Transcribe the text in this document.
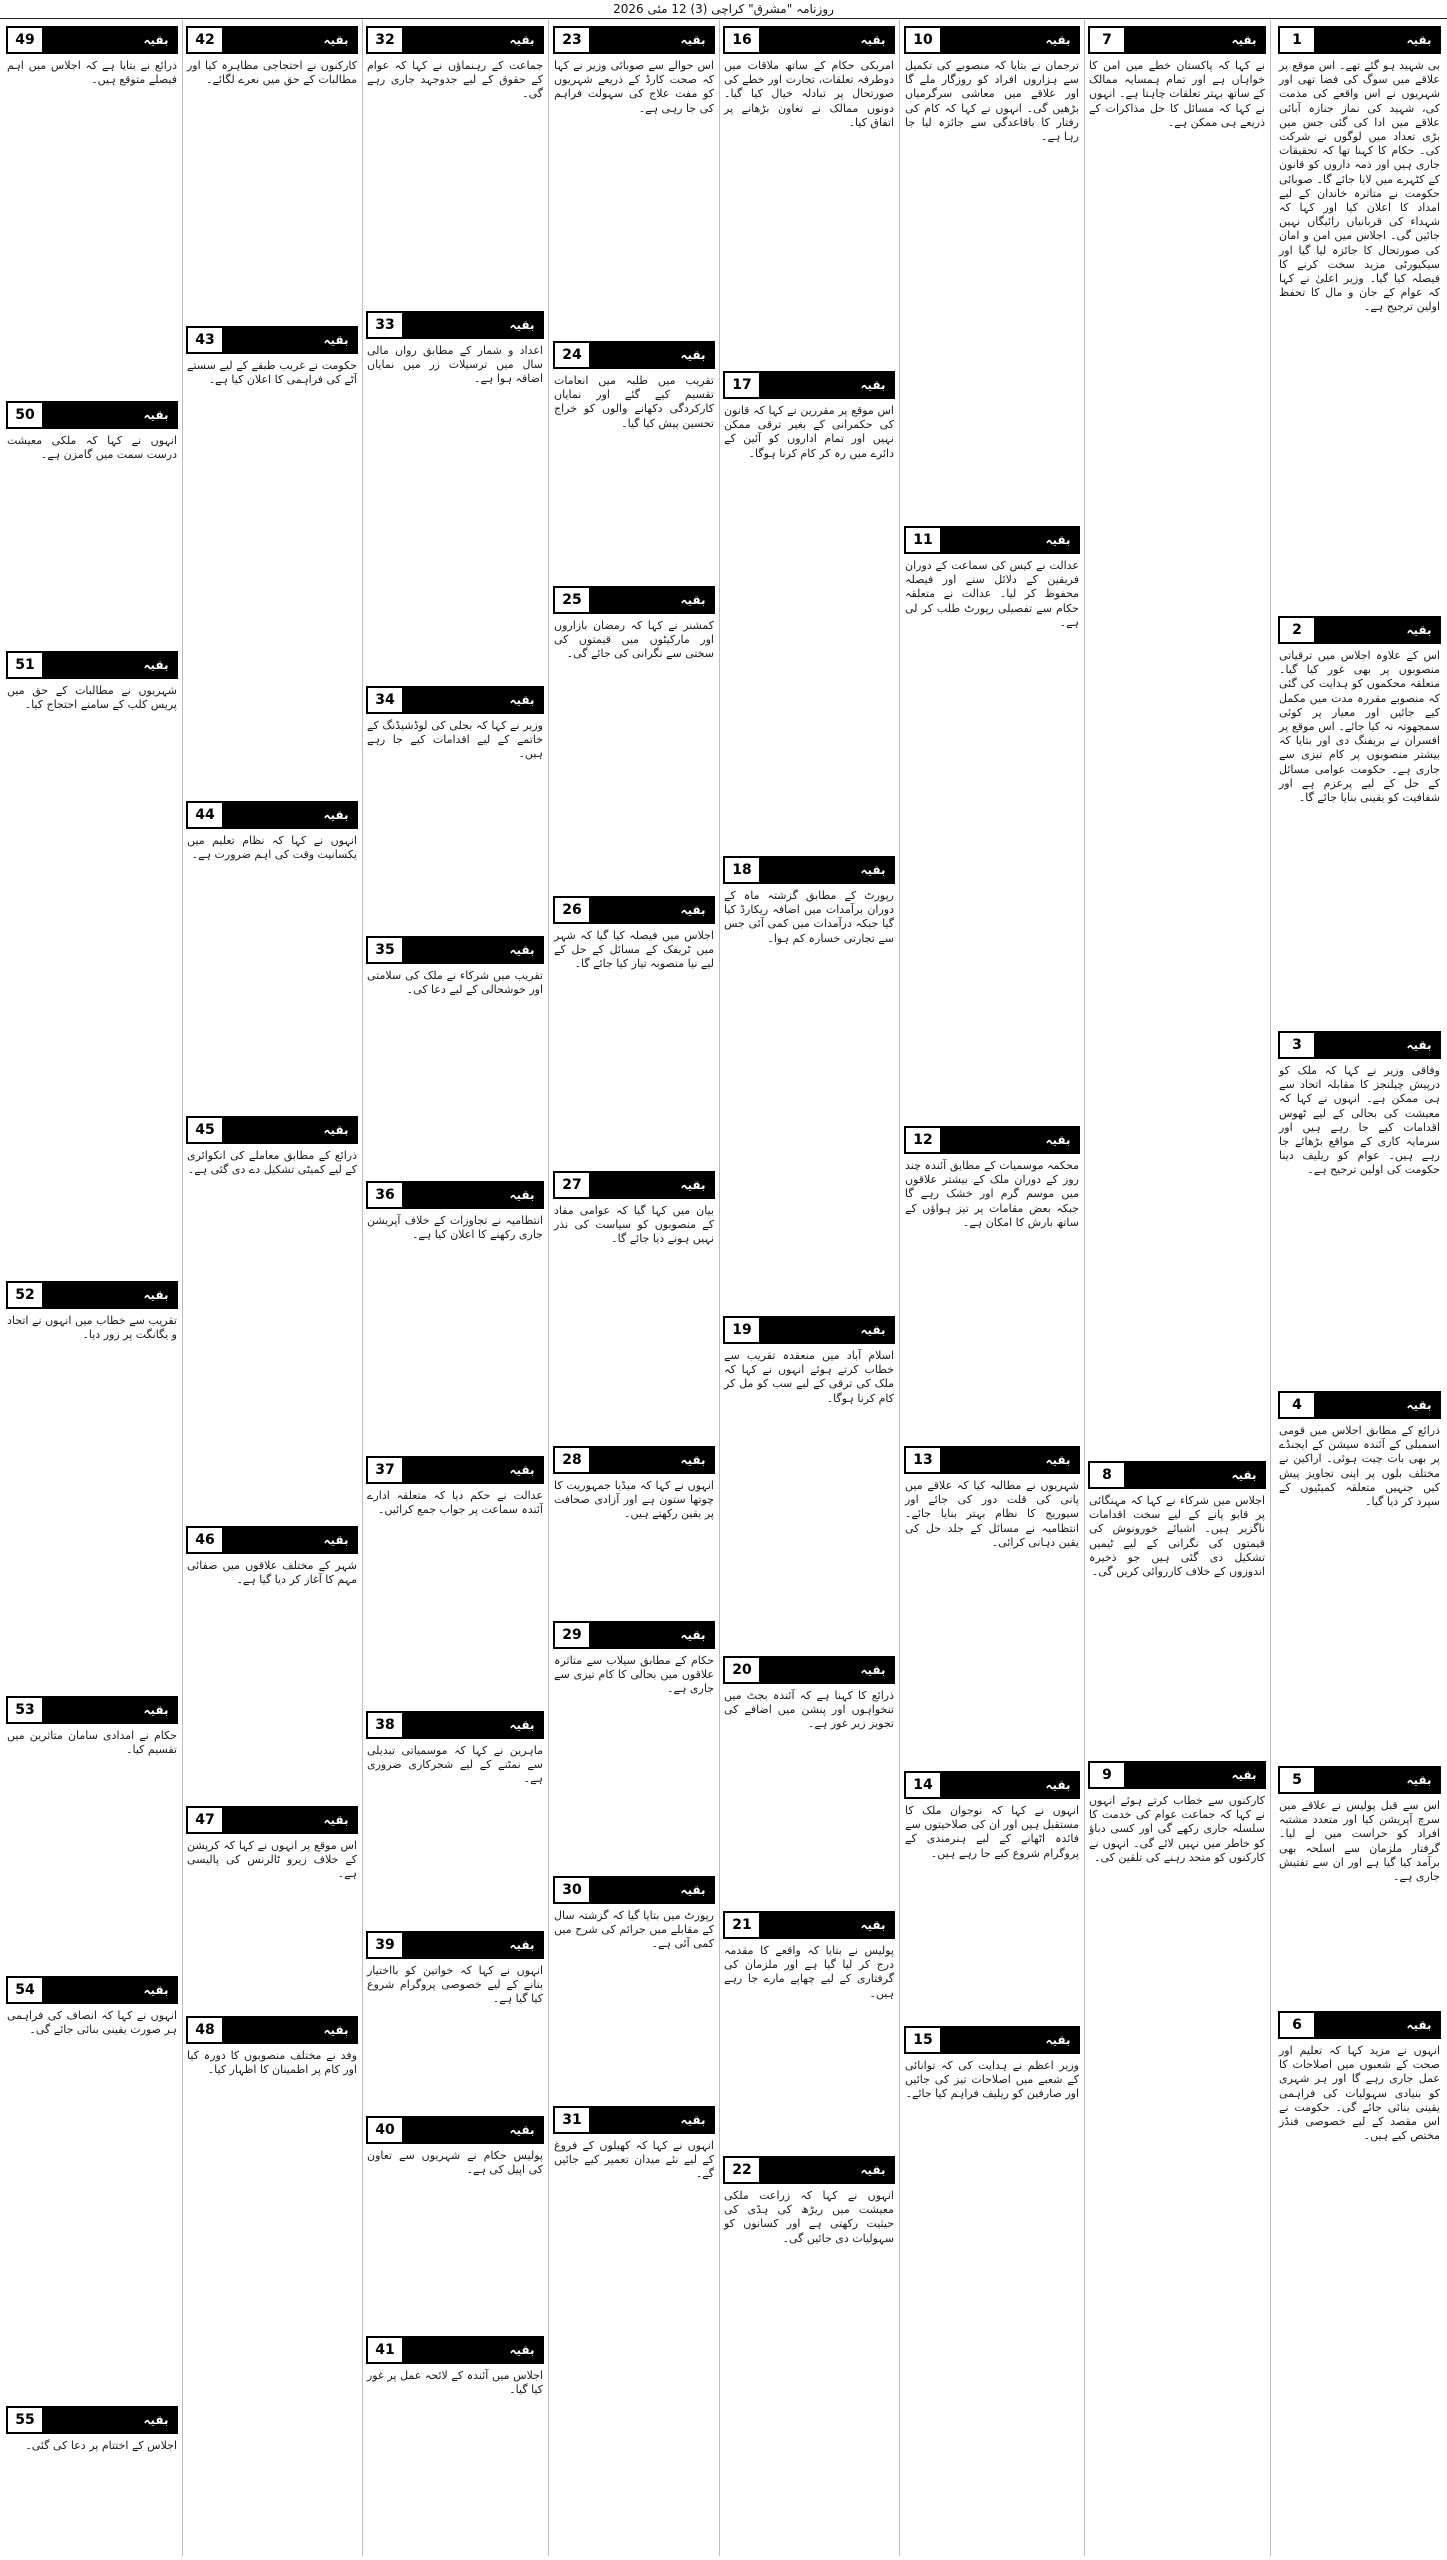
روزنامہ "مشرق" کراچی (3) 12 مئی 2026
1	بقیہ
بی شہید ہو گئے تھے۔ اس موقع پر علاقے میں سوگ کی فضا تھی اور شہریوں نے اس واقعے کی مذمت کی، شہید کی نماز جنازہ آبائی علاقے میں ادا کی گئی جس میں بڑی تعداد میں لوگوں نے شرکت کی۔ حکام کا کہنا تھا کہ تحقیقات جاری ہیں اور ذمہ داروں کو قانون کے کٹہرے میں لایا جائے گا۔ صوبائی حکومت نے متاثرہ خاندان کے لیے امداد کا اعلان کیا اور کہا کہ شہداء کی قربانیاں رائیگاں نہیں جائیں گی۔ اجلاس میں امن و امان کی صورتحال کا جائزہ لیا گیا اور سیکیورٹی مزید سخت کرنے کا فیصلہ کیا گیا۔ وزیر اعلیٰ نے کہا کہ عوام کے جان و مال کا تحفظ اولین ترجیح ہے۔
2	بقیہ
اس کے علاوہ اجلاس میں ترقیاتی منصوبوں پر بھی غور کیا گیا۔ متعلقہ محکموں کو ہدایت کی گئی کہ منصوبے مقررہ مدت میں مکمل کیے جائیں اور معیار پر کوئی سمجھوتہ نہ کیا جائے۔ اس موقع پر افسران نے بریفنگ دی اور بتایا کہ بیشتر منصوبوں پر کام تیزی سے جاری ہے۔ حکومت عوامی مسائل کے حل کے لیے پرعزم ہے اور شفافیت کو یقینی بنایا جائے گا۔
3	بقیہ
وفاقی وزیر نے کہا کہ ملک کو درپیش چیلنجز کا مقابلہ اتحاد سے ہی ممکن ہے۔ انہوں نے کہا کہ معیشت کی بحالی کے لیے ٹھوس اقدامات کیے جا رہے ہیں اور سرمایہ کاری کے مواقع بڑھائے جا رہے ہیں۔ عوام کو ریلیف دینا حکومت کی اولین ترجیح ہے۔
4	بقیہ
ذرائع کے مطابق اجلاس میں قومی اسمبلی کے آئندہ سیشن کے ایجنڈے پر بھی بات چیت ہوئی۔ اراکین نے مختلف بلوں پر اپنی تجاویز پیش کیں جنہیں متعلقہ کمیٹیوں کے سپرد کر دیا گیا۔
5	بقیہ
اس سے قبل پولیس نے علاقے میں سرچ آپریشن کیا اور متعدد مشتبہ افراد کو حراست میں لے لیا۔ گرفتار ملزمان سے اسلحہ بھی برآمد کیا گیا ہے اور ان سے تفتیش جاری ہے۔
6	بقیہ
انہوں نے مزید کہا کہ تعلیم اور صحت کے شعبوں میں اصلاحات کا عمل جاری رہے گا اور ہر شہری کو بنیادی سہولیات کی فراہمی یقینی بنائی جائے گی۔ حکومت نے اس مقصد کے لیے خصوصی فنڈز مختص کیے ہیں۔
7	بقیہ
نے کہا کہ پاکستان خطے میں امن کا خواہاں ہے اور تمام ہمسایہ ممالک کے ساتھ بہتر تعلقات چاہتا ہے۔ انہوں نے کہا کہ مسائل کا حل مذاکرات کے ذریعے ہی ممکن ہے۔
8	بقیہ
اجلاس میں شرکاء نے کہا کہ مہنگائی پر قابو پانے کے لیے سخت اقدامات ناگزیر ہیں۔ اشیائے خورونوش کی قیمتوں کی نگرانی کے لیے ٹیمیں تشکیل دی گئی ہیں جو ذخیرہ اندوزوں کے خلاف کارروائی کریں گی۔
9	بقیہ
کارکنوں سے خطاب کرتے ہوئے انہوں نے کہا کہ جماعت عوام کی خدمت کا سلسلہ جاری رکھے گی اور کسی دباؤ کو خاطر میں نہیں لائے گی۔ انہوں نے کارکنوں کو متحد رہنے کی تلقین کی۔
10	بقیہ
ترجمان نے بتایا کہ منصوبے کی تکمیل سے ہزاروں افراد کو روزگار ملے گا اور علاقے میں معاشی سرگرمیاں بڑھیں گی۔ انہوں نے کہا کہ کام کی رفتار کا باقاعدگی سے جائزہ لیا جا رہا ہے۔
11	بقیہ
عدالت نے کیس کی سماعت کے دوران فریقین کے دلائل سنے اور فیصلہ محفوظ کر لیا۔ عدالت نے متعلقہ حکام سے تفصیلی رپورٹ طلب کر لی ہے۔
12	بقیہ
محکمہ موسمیات کے مطابق آئندہ چند روز کے دوران ملک کے بیشتر علاقوں میں موسم گرم اور خشک رہے گا جبکہ بعض مقامات پر تیز ہواؤں کے ساتھ بارش کا امکان ہے۔
13	بقیہ
شہریوں نے مطالبہ کیا کہ علاقے میں پانی کی قلت دور کی جائے اور سیوریج کا نظام بہتر بنایا جائے۔ انتظامیہ نے مسائل کے جلد حل کی یقین دہانی کرائی۔
14	بقیہ
انہوں نے کہا کہ نوجوان ملک کا مستقبل ہیں اور ان کی صلاحیتوں سے فائدہ اٹھانے کے لیے ہنرمندی کے پروگرام شروع کیے جا رہے ہیں۔
15	بقیہ
وزیر اعظم نے ہدایت کی کہ توانائی کے شعبے میں اصلاحات تیز کی جائیں اور صارفین کو ریلیف فراہم کیا جائے۔
16	بقیہ
امریکی حکام کے ساتھ ملاقات میں دوطرفہ تعلقات، تجارت اور خطے کی صورتحال پر تبادلہ خیال کیا گیا۔ دونوں ممالک نے تعاون بڑھانے پر اتفاق کیا۔
17	بقیہ
اس موقع پر مقررین نے کہا کہ قانون کی حکمرانی کے بغیر ترقی ممکن نہیں اور تمام اداروں کو آئین کے دائرے میں رہ کر کام کرنا ہوگا۔
18	بقیہ
رپورٹ کے مطابق گزشتہ ماہ کے دوران برآمدات میں اضافہ ریکارڈ کیا گیا جبکہ درآمدات میں کمی آئی جس سے تجارتی خسارہ کم ہوا۔
19	بقیہ
اسلام آباد میں منعقدہ تقریب سے خطاب کرتے ہوئے انہوں نے کہا کہ ملک کی ترقی کے لیے سب کو مل کر کام کرنا ہوگا۔
20	بقیہ
ذرائع کا کہنا ہے کہ آئندہ بجٹ میں تنخواہوں اور پنشن میں اضافے کی تجویز زیر غور ہے۔
21	بقیہ
پولیس نے بتایا کہ واقعے کا مقدمہ درج کر لیا گیا ہے اور ملزمان کی گرفتاری کے لیے چھاپے مارے جا رہے ہیں۔
22	بقیہ
انہوں نے کہا کہ زراعت ملکی معیشت میں ریڑھ کی ہڈی کی حیثیت رکھتی ہے اور کسانوں کو سہولیات دی جائیں گی۔
23	بقیہ
اس حوالے سے صوبائی وزیر نے کہا کہ صحت کارڈ کے ذریعے شہریوں کو مفت علاج کی سہولت فراہم کی جا رہی ہے۔
24	بقیہ
تقریب میں طلبہ میں انعامات تقسیم کیے گئے اور نمایاں کارکردگی دکھانے والوں کو خراج تحسین پیش کیا گیا۔
25	بقیہ
کمشنر نے کہا کہ رمضان بازاروں اور مارکیٹوں میں قیمتوں کی سختی سے نگرانی کی جائے گی۔
26	بقیہ
اجلاس میں فیصلہ کیا گیا کہ شہر میں ٹریفک کے مسائل کے حل کے لیے نیا منصوبہ تیار کیا جائے گا۔
27	بقیہ
بیان میں کہا گیا کہ عوامی مفاد کے منصوبوں کو سیاست کی نذر نہیں ہونے دیا جائے گا۔
28	بقیہ
انہوں نے کہا کہ میڈیا جمہوریت کا چوتھا ستون ہے اور آزادی صحافت پر یقین رکھتے ہیں۔
29	بقیہ
حکام کے مطابق سیلاب سے متاثرہ علاقوں میں بحالی کا کام تیزی سے جاری ہے۔
30	بقیہ
رپورٹ میں بتایا گیا کہ گزشتہ سال کے مقابلے میں جرائم کی شرح میں کمی آئی ہے۔
31	بقیہ
انہوں نے کہا کہ کھیلوں کے فروغ کے لیے نئے میدان تعمیر کیے جائیں گے۔
32	بقیہ
جماعت کے رہنماؤں نے کہا کہ عوام کے حقوق کے لیے جدوجہد جاری رہے گی۔
33	بقیہ
اعداد و شمار کے مطابق رواں مالی سال میں ترسیلات زر میں نمایاں اضافہ ہوا ہے۔
34	بقیہ
وزیر نے کہا کہ بجلی کی لوڈشیڈنگ کے خاتمے کے لیے اقدامات کیے جا رہے ہیں۔
35	بقیہ
تقریب میں شرکاء نے ملک کی سلامتی اور خوشحالی کے لیے دعا کی۔
36	بقیہ
انتظامیہ نے تجاوزات کے خلاف آپریشن جاری رکھنے کا اعلان کیا ہے۔
37	بقیہ
عدالت نے حکم دیا کہ متعلقہ ادارے آئندہ سماعت پر جواب جمع کرائیں۔
38	بقیہ
ماہرین نے کہا کہ موسمیاتی تبدیلی سے نمٹنے کے لیے شجرکاری ضروری ہے۔
39	بقیہ
انہوں نے کہا کہ خواتین کو بااختیار بنانے کے لیے خصوصی پروگرام شروع کیا گیا ہے۔
40	بقیہ
پولیس حکام نے شہریوں سے تعاون کی اپیل کی ہے۔
41	بقیہ
اجلاس میں آئندہ کے لائحہ عمل پر غور کیا گیا۔
42	بقیہ
کارکنوں نے احتجاجی مظاہرہ کیا اور مطالبات کے حق میں نعرے لگائے۔
43	بقیہ
حکومت نے غریب طبقے کے لیے سستے آٹے کی فراہمی کا اعلان کیا ہے۔
44	بقیہ
انہوں نے کہا کہ نظام تعلیم میں یکسانیت وقت کی اہم ضرورت ہے۔
45	بقیہ
ذرائع کے مطابق معاملے کی انکوائری کے لیے کمیٹی تشکیل دے دی گئی ہے۔
46	بقیہ
شہر کے مختلف علاقوں میں صفائی مہم کا آغاز کر دیا گیا ہے۔
47	بقیہ
اس موقع پر انہوں نے کہا کہ کرپشن کے خلاف زیرو ٹالرنس کی پالیسی ہے۔
48	بقیہ
وفد نے مختلف منصوبوں کا دورہ کیا اور کام پر اطمینان کا اظہار کیا۔
49	بقیہ
ذرائع نے بتایا ہے کہ اجلاس میں اہم فیصلے متوقع ہیں۔
50	بقیہ
انہوں نے کہا کہ ملکی معیشت درست سمت میں گامزن ہے۔
51	بقیہ
شہریوں نے مطالبات کے حق میں پریس کلب کے سامنے احتجاج کیا۔
52	بقیہ
تقریب سے خطاب میں انہوں نے اتحاد و یگانگت پر زور دیا۔
53	بقیہ
حکام نے امدادی سامان متاثرین میں تقسیم کیا۔
54	بقیہ
انہوں نے کہا کہ انصاف کی فراہمی ہر صورت یقینی بنائی جائے گی۔
55	بقیہ
اجلاس کے اختتام پر دعا کی گئی۔
